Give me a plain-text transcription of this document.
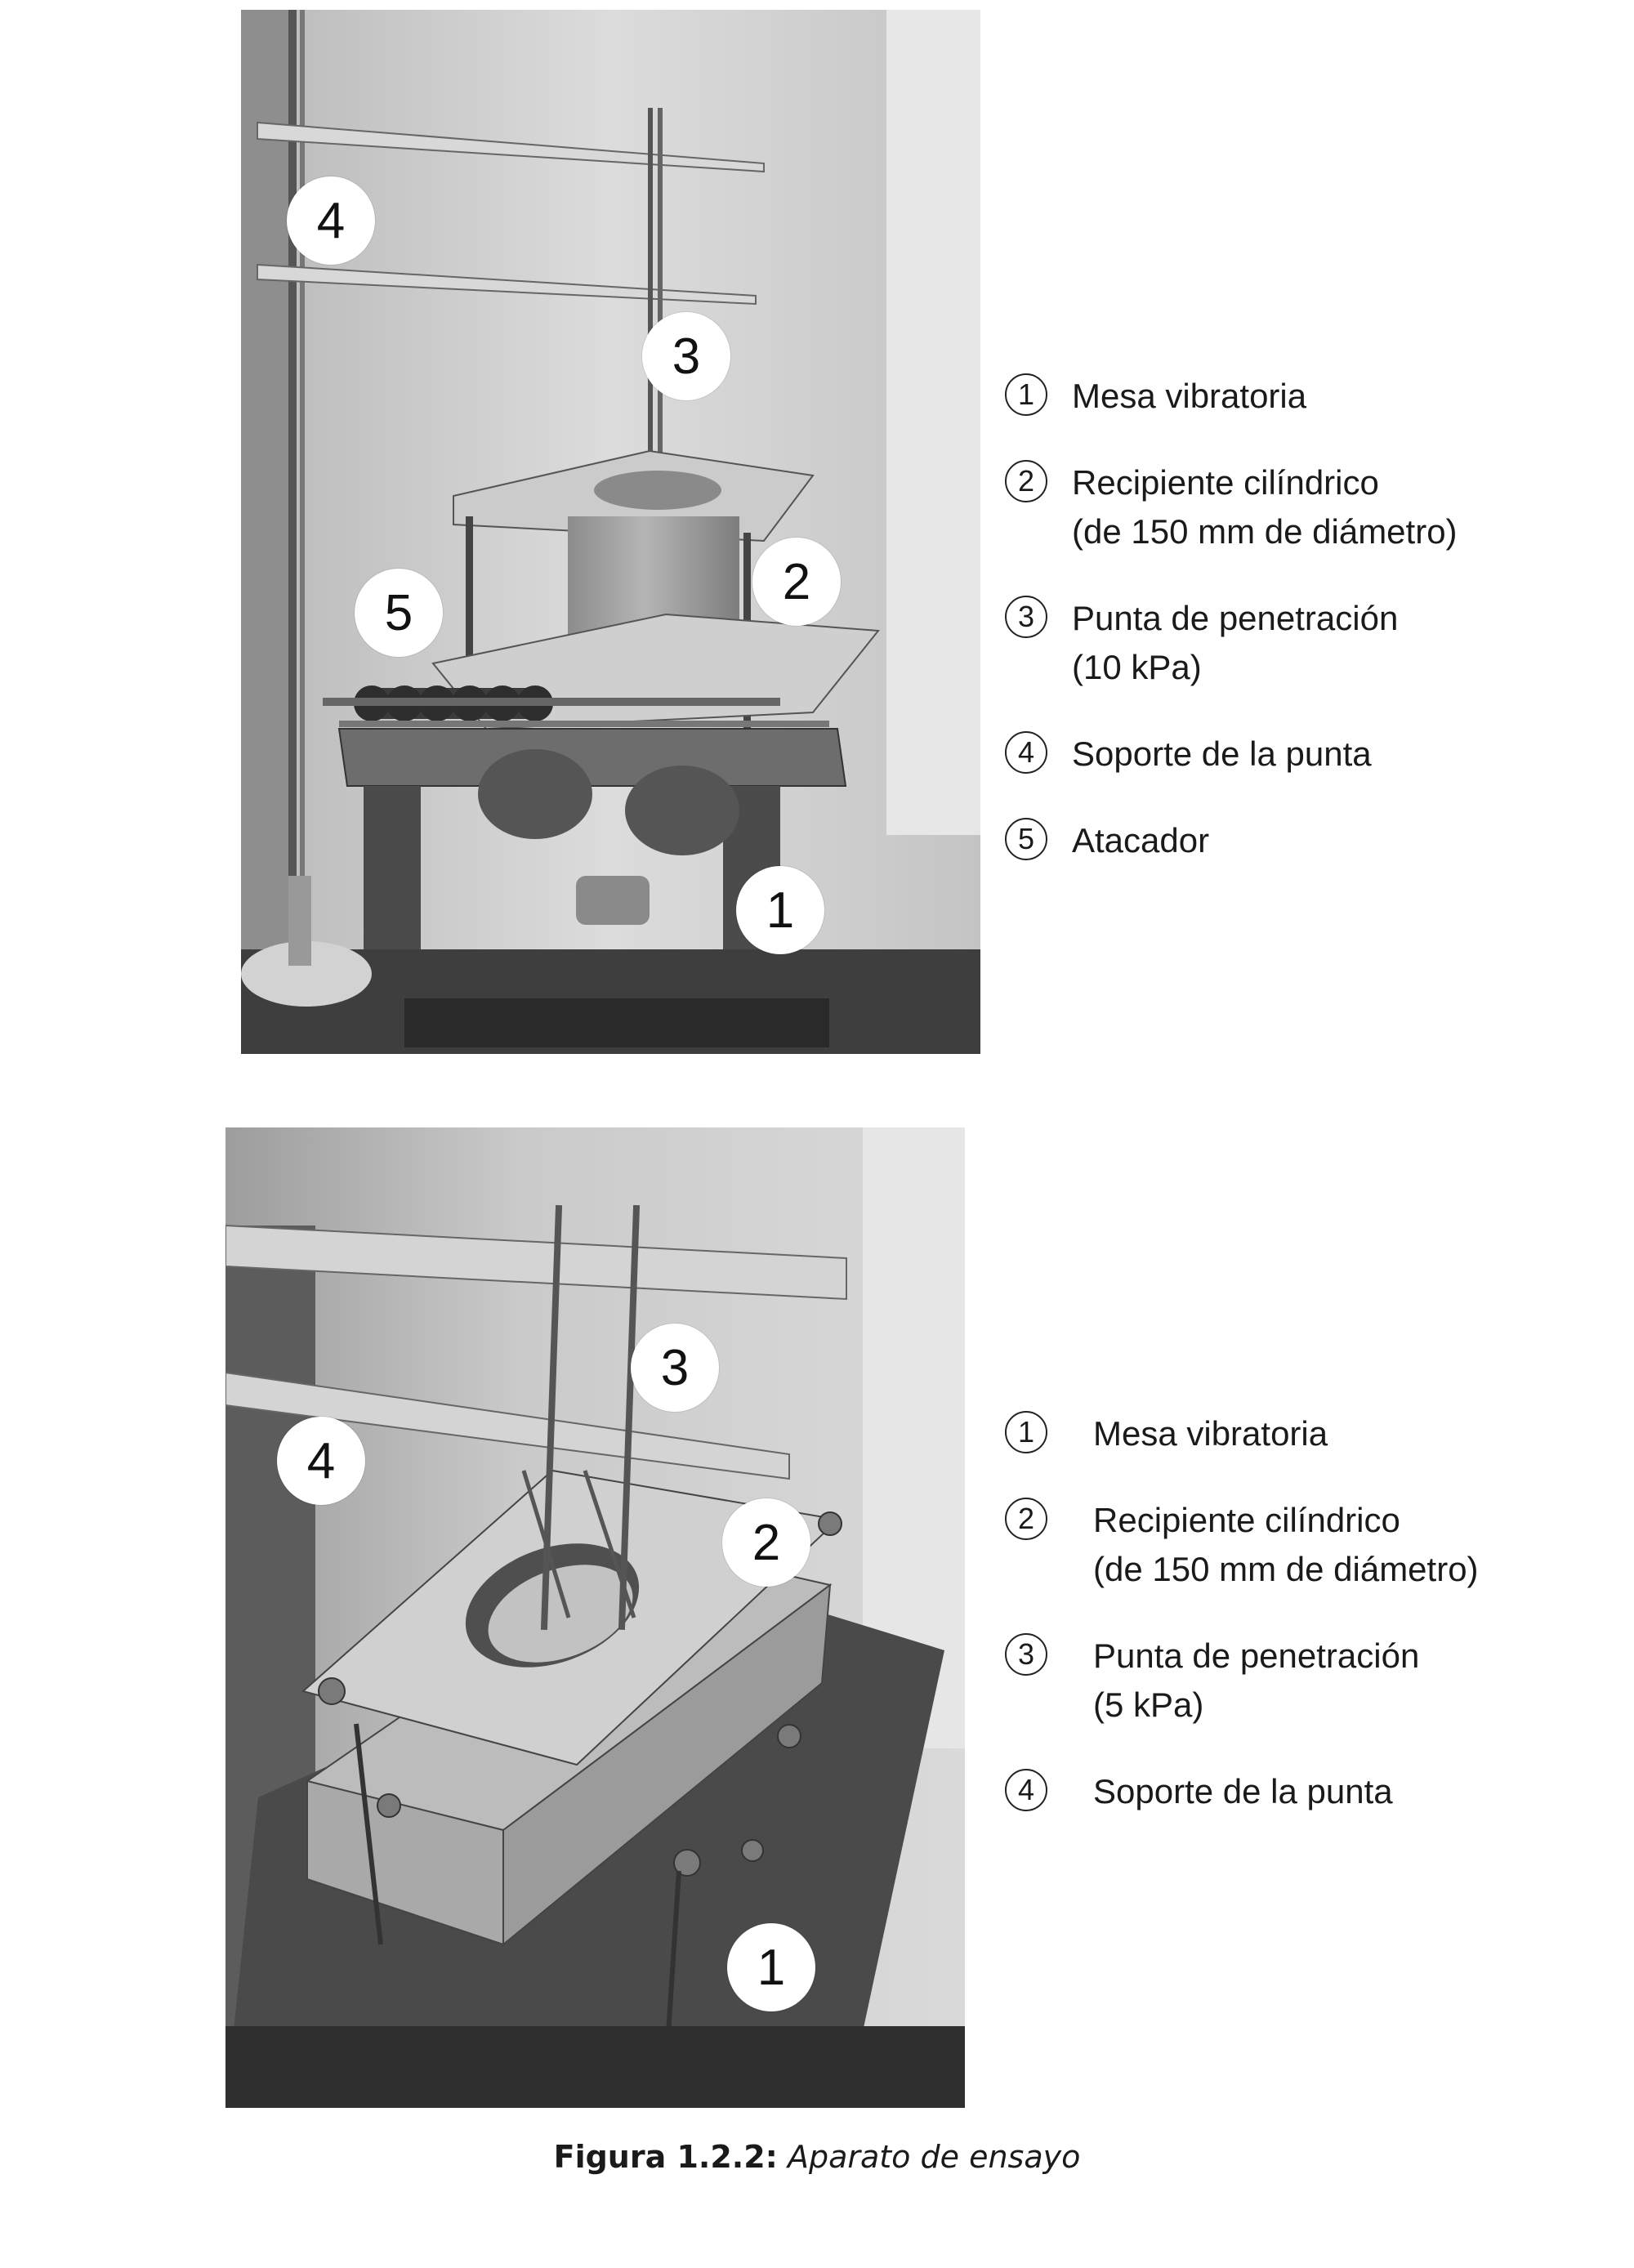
4
3
2
5
1
1	Mesa vibratoria
2	Recipiente cilíndrico
(de 150 mm de diámetro)
3	Punta de penetración
(10 kPa)
4	Soporte de la punta
5	Atacador
3
4
2
1
1	Mesa vibratoria
2	Recipiente cilíndrico
(de 150 mm de diámetro)
3	Punta de penetración
(5 kPa)
4	Soporte de la punta
Figura 1.2.2: Aparato de ensayo
